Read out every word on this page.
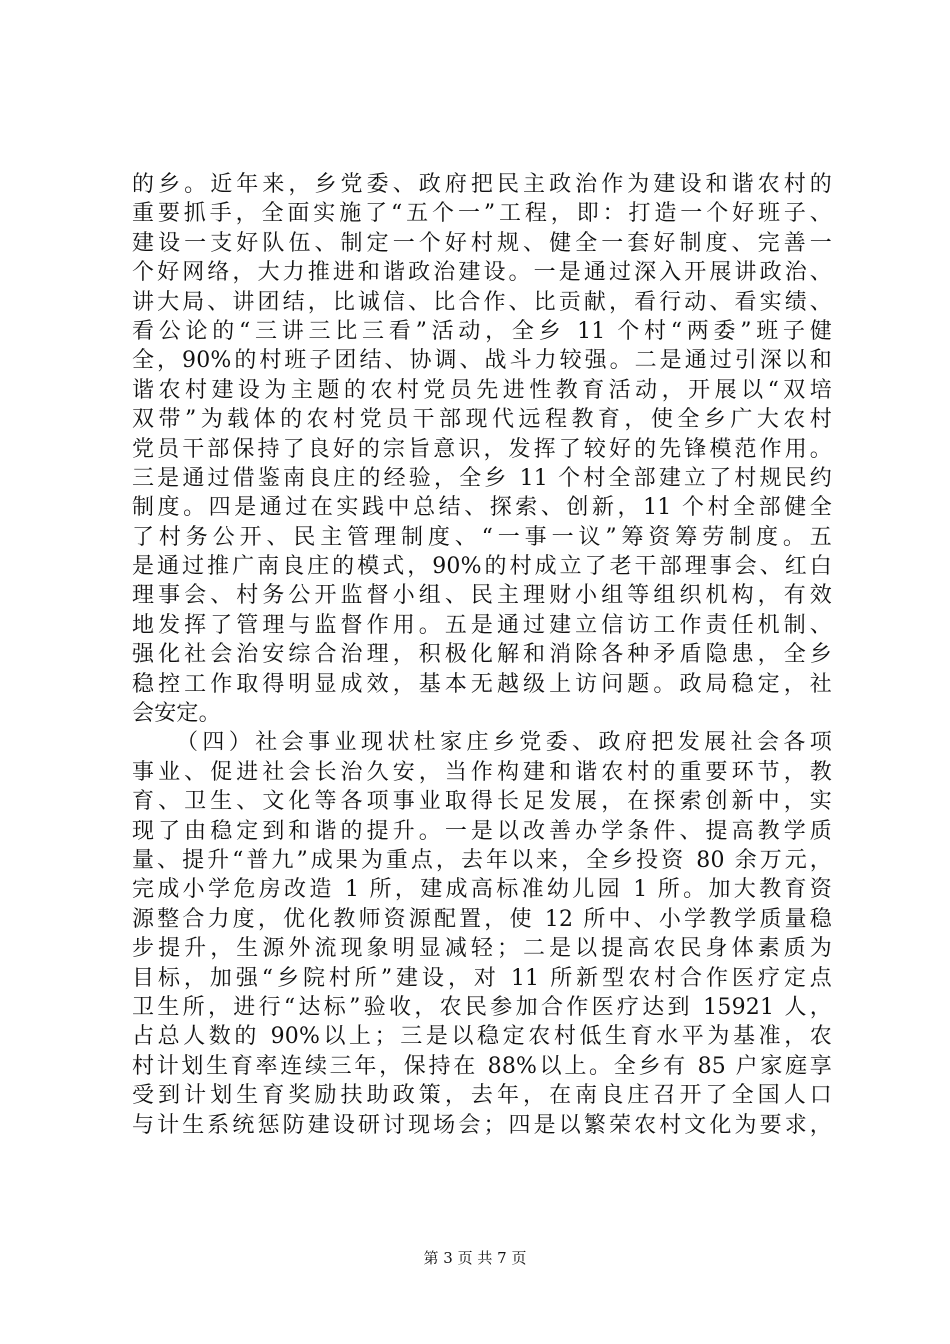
的乡。近年来，乡党委、政府把民主政治作为建设和谐农村的
重要抓手，全面实施了“五个一”工程，即：打造一个好班子、
建设一支好队伍、制定一个好村规、健全一套好制度、完善一
个好网络，大力推进和谐政治建设。一是通过深入开展讲政治、
讲大局、讲团结，比诚信、比合作、比贡献，看行动、看实绩、
看公论的“三讲三比三看”活动，全乡 11 个村“两委”班子健
全，90%的村班子团结、协调、战斗力较强。二是通过引深以和
谐农村建设为主题的农村党员先进性教育活动，开展以“双培
双带”为载体的农村党员干部现代远程教育，使全乡广大农村
党员干部保持了良好的宗旨意识，发挥了较好的先锋模范作用。
三是通过借鉴南良庄的经验，全乡 11 个村全部建立了村规民约
制度。四是通过在实践中总结、探索、创新，11 个村全部健全
了村务公开、民主管理制度、“一事一议”筹资筹劳制度。五
是通过推广南良庄的模式，90%的村成立了老干部理事会、红白
理事会、村务公开监督小组、民主理财小组等组织机构，有效
地发挥了管理与监督作用。五是通过建立信访工作责任机制、
强化社会治安综合治理，积极化解和消除各种矛盾隐患，全乡
稳控工作取得明显成效，基本无越级上访问题。政局稳定，社
会安定。
（四）社会事业现状杜家庄乡党委、政府把发展社会各项
事业、促进社会长治久安，当作构建和谐农村的重要环节，教
育、卫生、文化等各项事业取得长足发展，在探索创新中，实
现了由稳定到和谐的提升。一是以改善办学条件、提高教学质
量、提升“普九”成果为重点，去年以来，全乡投资 80 余万元，
完成小学危房改造 1 所，建成高标准幼儿园 1 所。加大教育资
源整合力度，优化教师资源配置，使 12 所中、小学教学质量稳
步提升，生源外流现象明显减轻；二是以提高农民身体素质为
目标，加强“乡院村所”建设，对 11 所新型农村合作医疗定点
卫生所，进行“达标”验收，农民参加合作医疗达到 15921 人，
占总人数的 90%以上；三是以稳定农村低生育水平为基准，农
村计划生育率连续三年，保持在 88%以上。全乡有 85 户家庭享
受到计划生育奖励扶助政策，去年，在南良庄召开了全国人口
与计生系统惩防建设研讨现场会；四是以繁荣农村文化为要求，
第 3 页 共 7 页
